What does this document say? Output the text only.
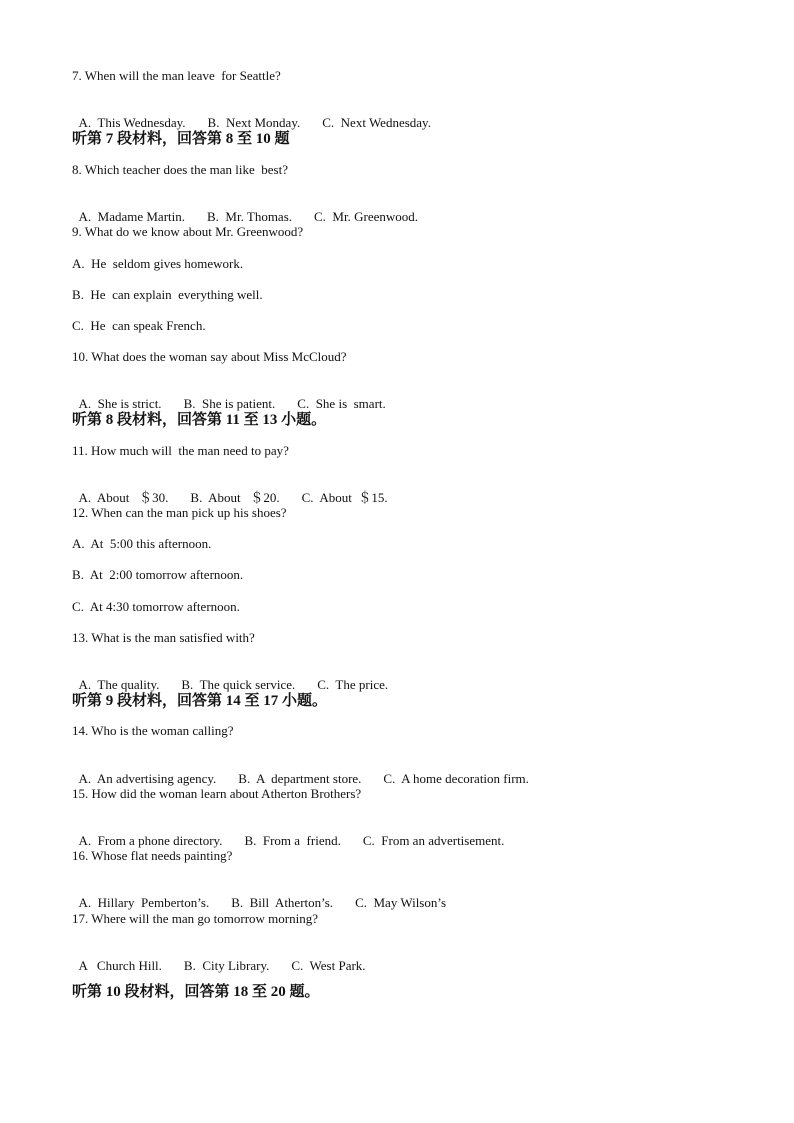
7. When will the man leave  for Seattle?

A.  This Wednesday. B.  Next Monday. C.  Next Wednesday.

听第 7 段材料，回答第 8 至 10 题
8. Which teacher does the man like  best?

A.  Madame Martin. B.  Mr. Thomas. C.  Mr. Greenwood.

9. What do we know about Mr. Greenwood?
A.  He  seldom gives homework.
B.  He  can explain  everything well.
C.  He  can speak French.
10. What does the woman say about Miss McCloud?

A.  She is strict. B.  She is patient. C.  She is  smart.

听第 8 段材料，回答第 11 至 13 小题。
11. How much will  the man need to pay?

A.  About   ＄30. B.  About   ＄20. C.  About  ＄15.

12. When can the man pick up his shoes?
A.  At  5:00 this afternoon.
B.  At  2:00 tomorrow afternoon.
C.  At 4:30 tomorrow afternoon.
13. What is the man satisfied with?

A.  The quality. B.  The quick service. C.  The price.

听第 9 段材料，回答第 14 至 17 小题。
14. Who is the woman calling?

A.  An advertising agency. B.  A  department store. C.  A home decoration firm.

15. How did the woman learn about Atherton Brothers?

A.  From a phone directory. B.  From a  friend. C.  From an advertisement.

16. Whose flat needs painting?

A.  Hillary  Pemberton’s. B.  Bill  Atherton’s. C.  May Wilson’s

17. Where will the man go tomorrow morning?

A   Church Hill. B.  City Library. C.  West Park.

听第 10 段材料，回答第 18 至 20 题。
